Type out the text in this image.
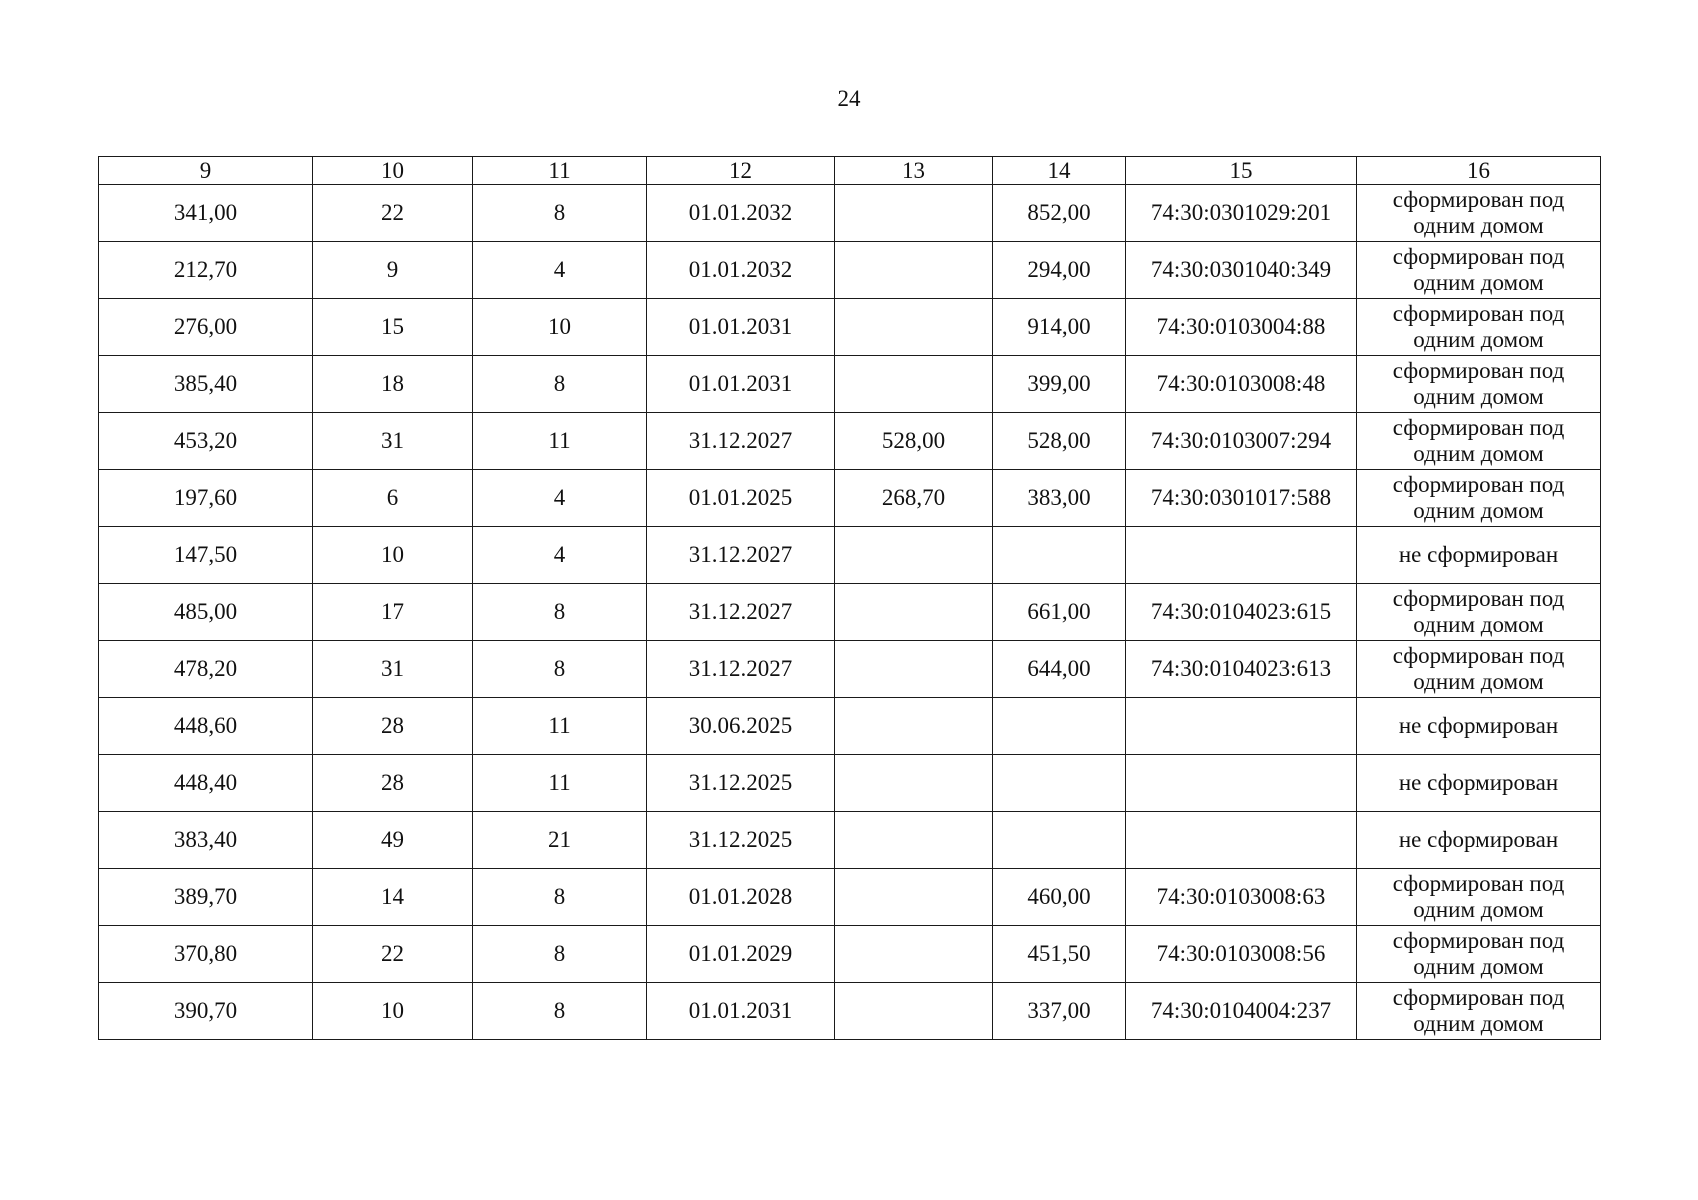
24
9	10	11	12	13	14	15	16
341,00	22	8	01.01.2032		852,00	74:30:0301029:201	сформирован под одним домом
212,70	9	4	01.01.2032		294,00	74:30:0301040:349	сформирован под одним домом
276,00	15	10	01.01.2031		914,00	74:30:0103004:88	сформирован под одним домом
385,40	18	8	01.01.2031		399,00	74:30:0103008:48	сформирован под одним домом
453,20	31	11	31.12.2027	528,00	528,00	74:30:0103007:294	сформирован под одним домом
197,60	6	4	01.01.2025	268,70	383,00	74:30:0301017:588	сформирован под одним домом
147,50	10	4	31.12.2027				не сформирован
485,00	17	8	31.12.2027		661,00	74:30:0104023:615	сформирован под одним домом
478,20	31	8	31.12.2027		644,00	74:30:0104023:613	сформирован под одним домом
448,60	28	11	30.06.2025				не сформирован
448,40	28	11	31.12.2025				не сформирован
383,40	49	21	31.12.2025				не сформирован
389,70	14	8	01.01.2028		460,00	74:30:0103008:63	сформирован под одним домом
370,80	22	8	01.01.2029		451,50	74:30:0103008:56	сформирован под одним домом
390,70	10	8	01.01.2031		337,00	74:30:0104004:237	сформирован под одним домом
